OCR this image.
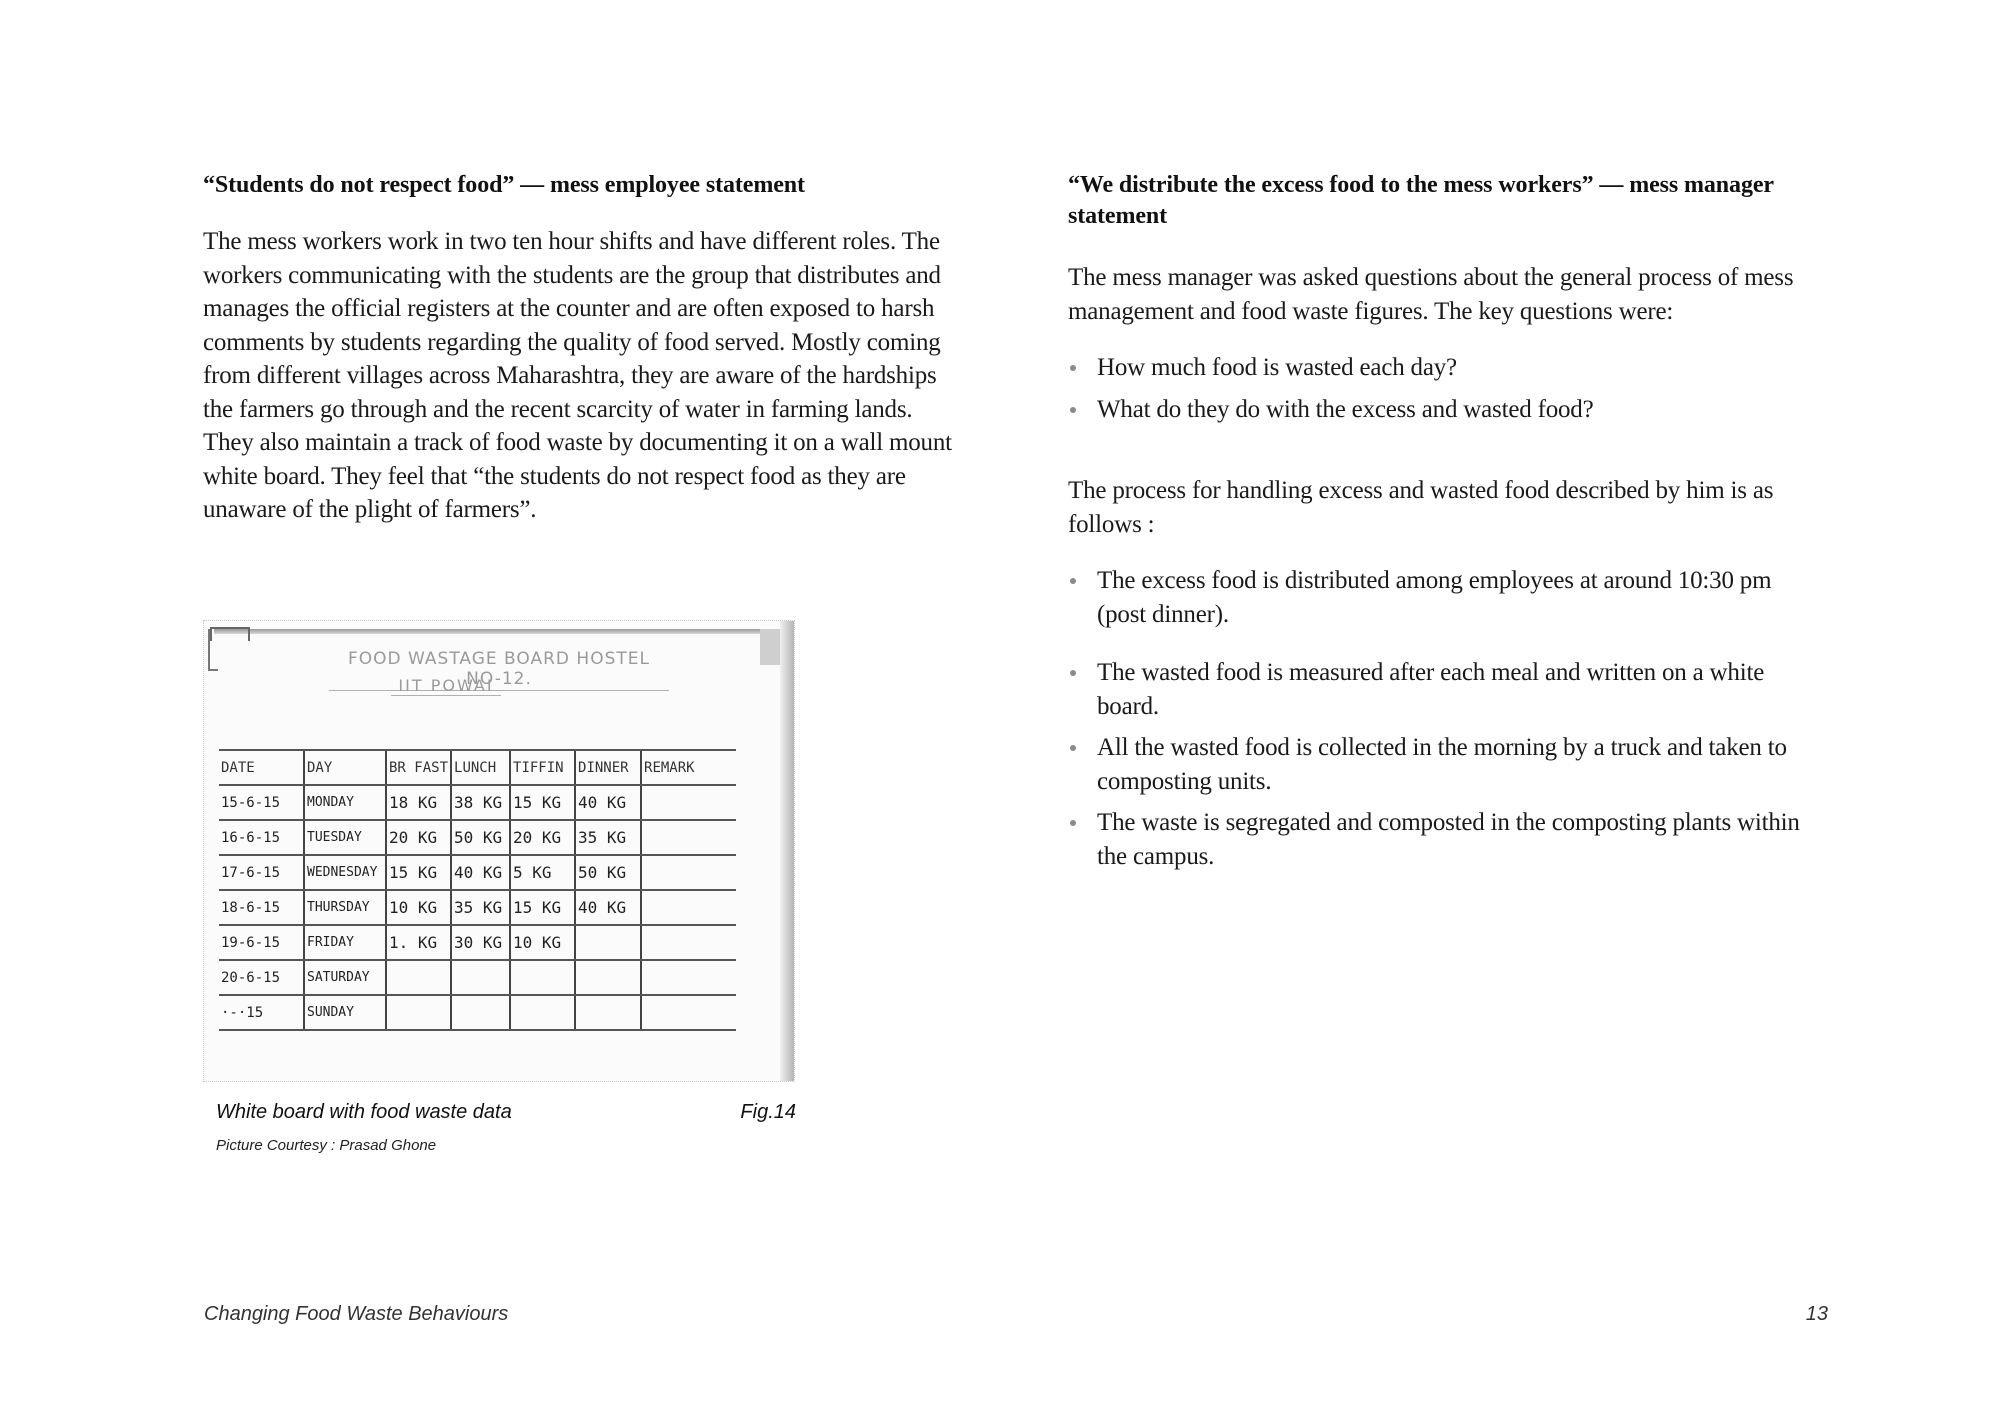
“Students do not respect food” — mess employee statement

The mess workers work in two ten hour shifts and have different roles. The workers communicating with the students are the group that distributes and manages the official registers at the counter and are often exposed to harsh comments by students regarding the quality of food served. Mostly coming from different villages across Maharashtra, they are aware of the hardships the farmers go through and the recent scarcity of water in farming lands. They also maintain a track of food waste by documenting it on a wall mount white board. They feel that “the students do not respect food as they are unaware of the plight of farmers”.

FOOD WASTAGE BOARD HOSTEL NO-12.
IIT POWAI
DATE	DAY	BR FAST	LUNCH	TIFFIN	DINNER	REMARK
15-6-15	MONDAY	18 KG	38 KG	15 KG	40 KG	
16-6-15	TUESDAY	20 KG	50 KG	20 KG	35 KG	
17-6-15	WEDNESDAY	15 KG	40 KG	5 KG	50 KG	
18-6-15	THURSDAY	10 KG	35 KG	15 KG	40 KG	
19-6-15	FRIDAY	1. KG	30 KG	10 KG		
20-6-15	SATURDAY					
·-·15	SUNDAY					
White board with food waste data	Fig.14
Picture Courtesy : Prasad Ghone
“We distribute the excess food to the mess workers” — mess manager statement

The mess manager was asked questions about the general process of mess management and food waste figures. The key questions were:

How much food is wasted each day?
What do they do with the excess and wasted food?

The process for handling excess and wasted food described by him is as follows :

The excess food is distributed among employees at around 10:30 pm (post dinner).
The wasted food is measured after each meal and written on a white board.
All the wasted food is collected in the morning by a truck and taken to composting units.
The waste is segregated and composted in the composting plants within the campus.
Changing Food Waste Behaviours	13
